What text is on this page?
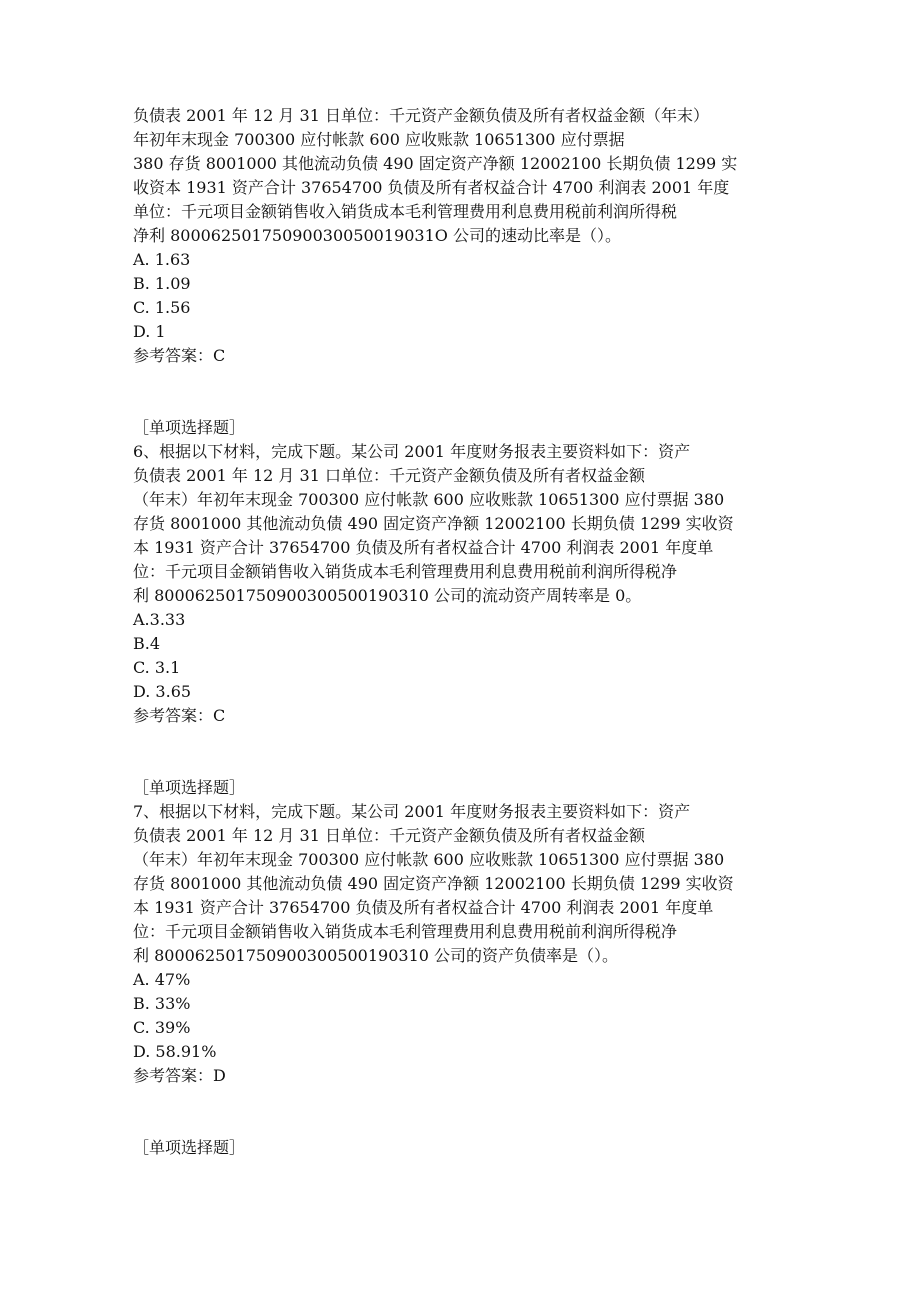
负债表 2001 年 12 月 31 日单位：千元资产金额负债及所有者权益金额（年末）
年初年末现金 700300 应付帐款 600 应收账款 10651300 应付票据
380 存货 8001000 其他流动负债 490 固定资产净额 12002100 长期负债 1299 实
收资本 1931 资产合计 37654700 负债及所有者权益合计 4700 利润表 2001 年度
单位：千元项目金额销售收入销货成本毛利管理费用利息费用税前利润所得税
净利 80006250175090030050019031O 公司的速动比率是（）。
A. 1.63
B. 1.09
C. 1.56
D. 1
参考答案：C
［单项选择题］
6、根据以下材料，完成下题。某公司 2001 年度财务报表主要资料如下：资产
负债表 2001 年 12 月 31 口单位：千元资产金额负债及所有者权益金额
（年末）年初年末现金 700300 应付帐款 600 应收账款 10651300 应付票据 380
存货 8001000 其他流动负债 490 固定资产净额 12002100 长期负债 1299 实收资
本 1931 资产合计 37654700 负债及所有者权益合计 4700 利润表 2001 年度单
位：千元项目金额销售收入销货成本毛利管理费用利息费用税前利润所得税净
利 800062501750900300500190310 公司的流动资产周转率是 0。
A.3.33
B.4
C. 3.1
D. 3.65
参考答案：C
［单项选择题］
7、根据以下材料，完成下题。某公司 2001 年度财务报表主要资料如下：资产
负债表 2001 年 12 月 31 日单位：千元资产金额负债及所有者权益金额
（年末）年初年末现金 700300 应付帐款 600 应收账款 10651300 应付票据 380
存货 8001000 其他流动负债 490 固定资产净额 12002100 长期负债 1299 实收资
本 1931 资产合计 37654700 负债及所有者权益合计 4700 利润表 2001 年度单
位：千元项目金额销售收入销货成本毛利管理费用利息费用税前利润所得税净
利 800062501750900300500190310 公司的资产负债率是（）。
A. 47%
B. 33%
C. 39%
D. 58.91%
参考答案：D
［单项选择题］
